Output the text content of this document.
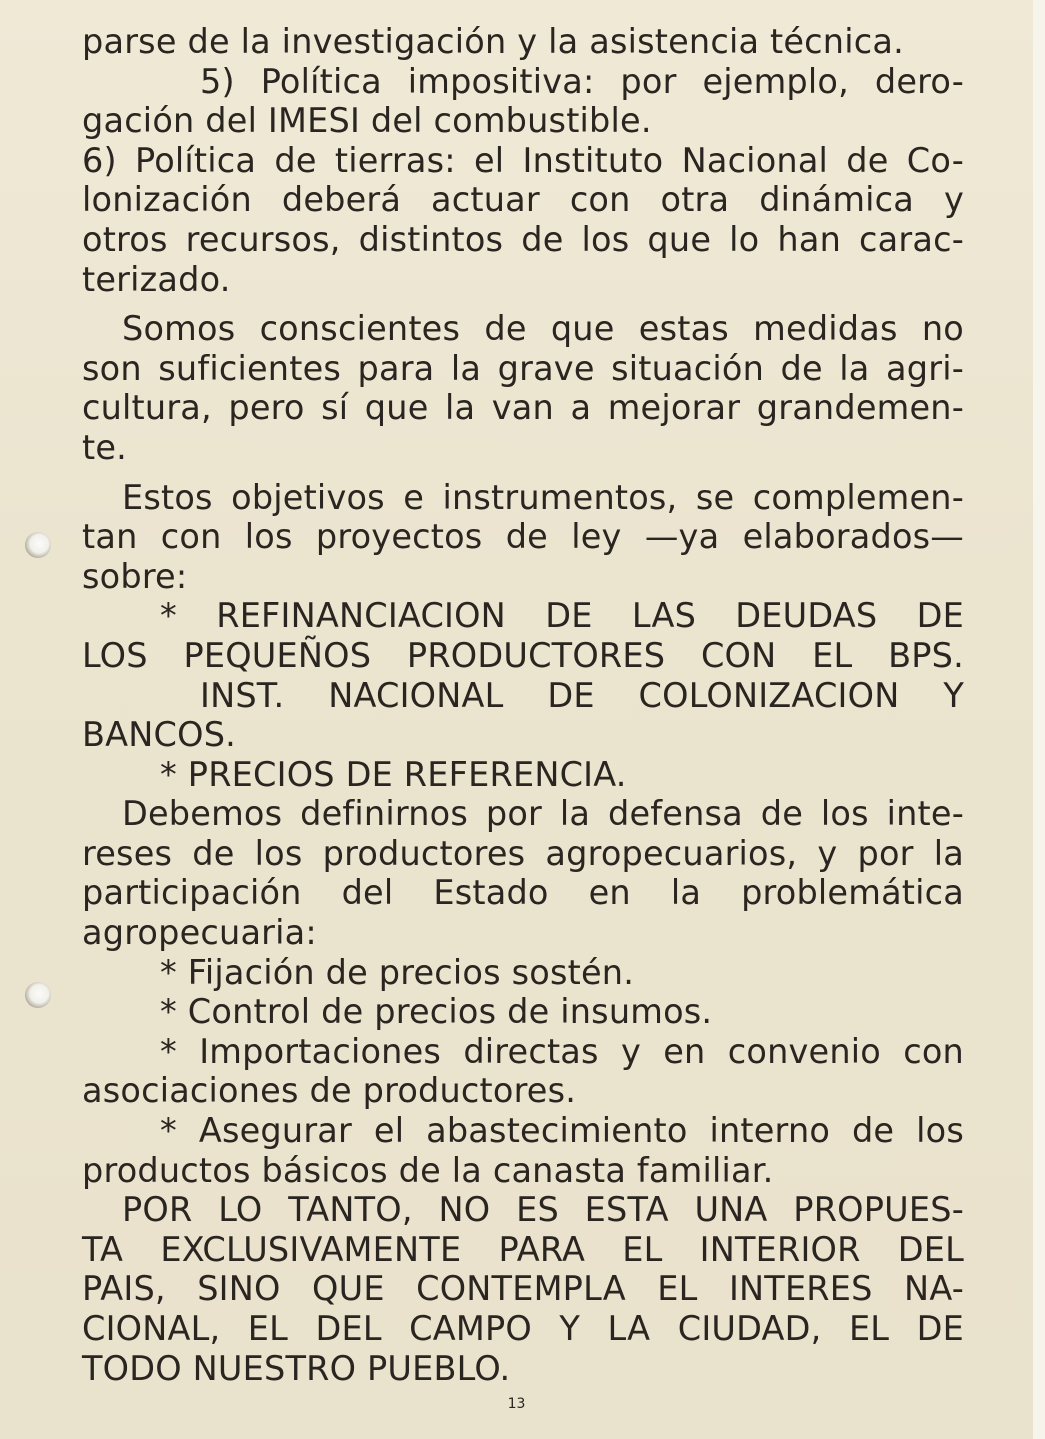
parse de la investigación y la asistencia técnica.
5) Política impositiva: por ejemplo, dero-
gación del IMESI del combustible.
6) Política de tierras: el Instituto Nacional de Co-
lonización deberá actuar con otra dinámica y
otros recursos, distintos de los que lo han carac-
terizado.
Somos conscientes de que estas medidas no
son suficientes para la grave situación de la agri-
cultura, pero sí que la van a mejorar grandemen-
te.
Estos objetivos e instrumentos, se complemen-
tan con los proyectos de ley —ya elaborados—
sobre:
* REFINANCIACION DE LAS DEUDAS DE
LOS PEQUEÑOS PRODUCTORES CON EL BPS.
INST. NACIONAL DE COLONIZACION Y
BANCOS.
* PRECIOS DE REFERENCIA.
Debemos definirnos por la defensa de los inte-
reses de los productores agropecuarios, y por la
participación del Estado en la problemática
agropecuaria:
* Fijación de precios sostén.
* Control de precios de insumos.
* Importaciones directas y en convenio con
asociaciones de productores.
* Asegurar el abastecimiento interno de los
productos básicos de la canasta familiar.
POR LO TANTO, NO ES ESTA UNA PROPUES-
TA EXCLUSIVAMENTE PARA EL INTERIOR DEL
PAIS, SINO QUE CONTEMPLA EL INTERES NA-
CIONAL, EL DEL CAMPO Y LA CIUDAD, EL DE
TODO NUESTRO PUEBLO.
13
